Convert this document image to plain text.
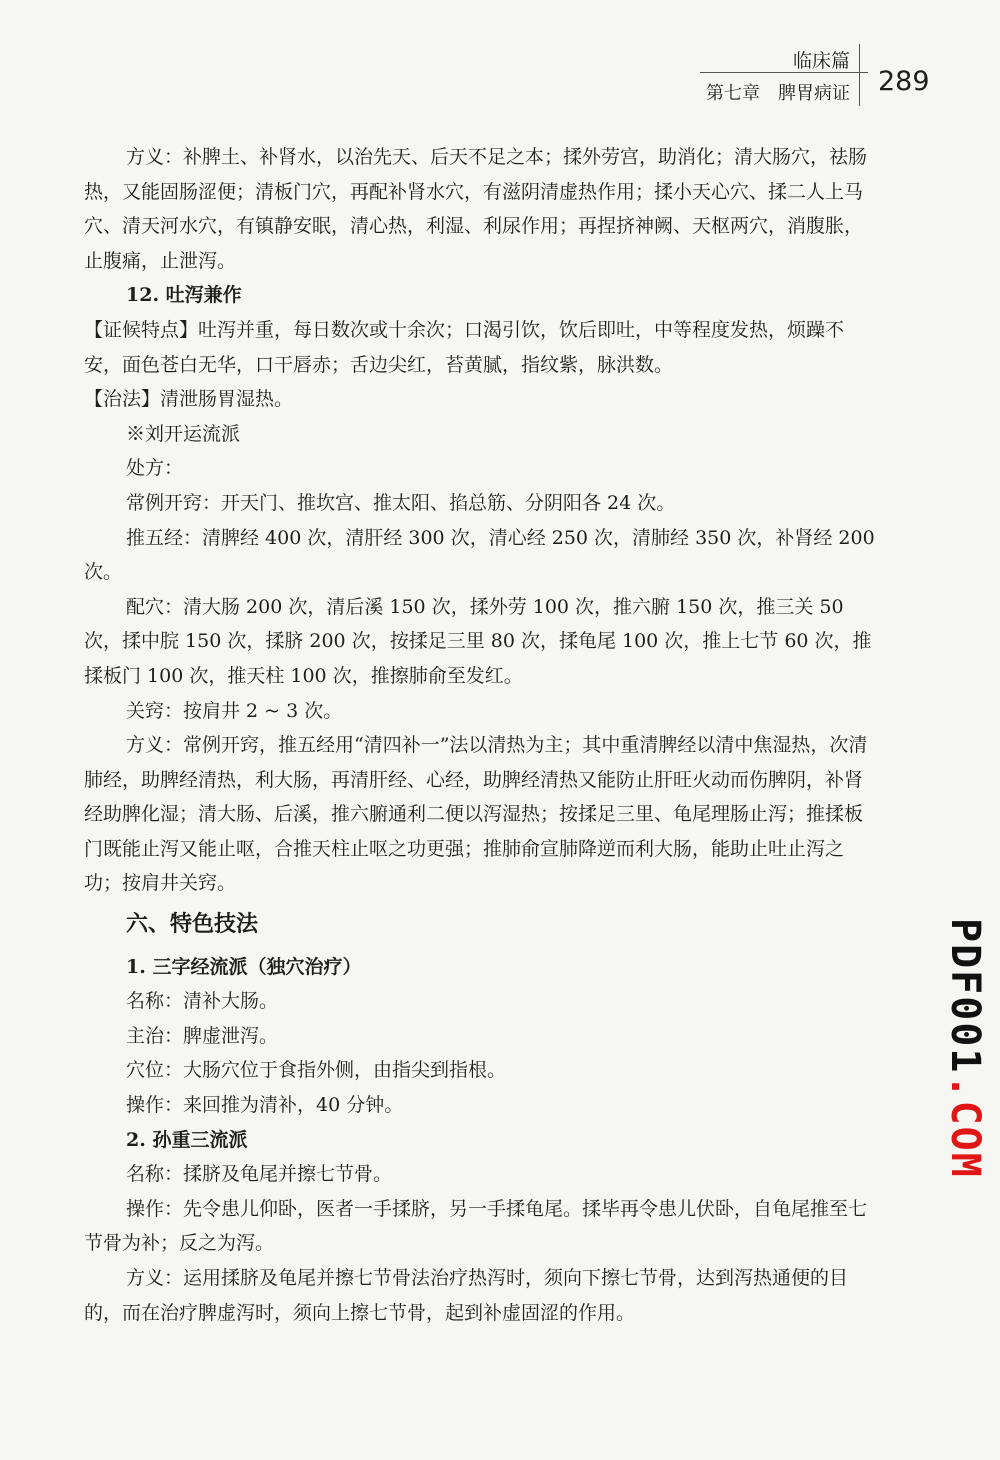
临床篇
第七章　脾胃病证 289

方义：补脾土、补肾水，以治先天、后天不足之本；揉外劳宫，助消化；清大肠穴，祛肠热，又能固肠涩便；清板门穴，再配补肾水穴，有滋阴清虚热作用；揉小天心穴、揉二人上马穴、清天河水穴，有镇静安眠，清心热，利湿、利尿作用；再捏挤神阙、天枢两穴，消腹胀，止腹痛，止泄泻。

12. 吐泻兼作

【证候特点】吐泻并重，每日数次或十余次；口渴引饮，饮后即吐，中等程度发热，烦躁不安，面色苍白无华，口干唇赤；舌边尖红，苔黄腻，指纹紫，脉洪数。

【治法】清泄肠胃湿热。

※刘开运流派

处方：

常例开窍：开天门、推坎宫、推太阳、掐总筋、分阴阳各 24 次。

推五经：清脾经 400 次，清肝经 300 次，清心经 250 次，清肺经 350 次，补肾经 200 次。

配穴：清大肠 200 次，清后溪 150 次，揉外劳 100 次，推六腑 150 次，推三关 50 次，揉中脘 150 次，揉脐 200 次，按揉足三里 80 次，揉龟尾 100 次，推上七节 60 次，推揉板门 100 次，推天柱 100 次，推擦肺俞至发红。

关窍：按肩井 2 ~ 3 次。

方义：常例开窍，推五经用“清四补一”法以清热为主；其中重清脾经以清中焦湿热，次清肺经，助脾经清热，利大肠，再清肝经、心经，助脾经清热又能防止肝旺火动而伤脾阴，补肾经助脾化湿；清大肠、后溪，推六腑通利二便以泻湿热；按揉足三里、龟尾理肠止泻；推揉板门既能止泻又能止呕，合推天柱止呕之功更强；推肺俞宣肺降逆而利大肠，能助止吐止泻之功；按肩井关窍。

六、特色技法

1. 三字经流派（独穴治疗）

名称：清补大肠。

主治：脾虚泄泻。

穴位：大肠穴位于食指外侧，由指尖到指根。

操作：来回推为清补，40 分钟。

2. 孙重三流派

名称：揉脐及龟尾并擦七节骨。

操作：先令患儿仰卧，医者一手揉脐，另一手揉龟尾。揉毕再令患儿伏卧，自龟尾推至七节骨为补；反之为泻。

方义：运用揉脐及龟尾并擦七节骨法治疗热泻时，须向下擦七节骨，达到泻热通便的目的，而在治疗脾虚泻时，须向上擦七节骨，起到补虚固涩的作用。

PDF001.COM
